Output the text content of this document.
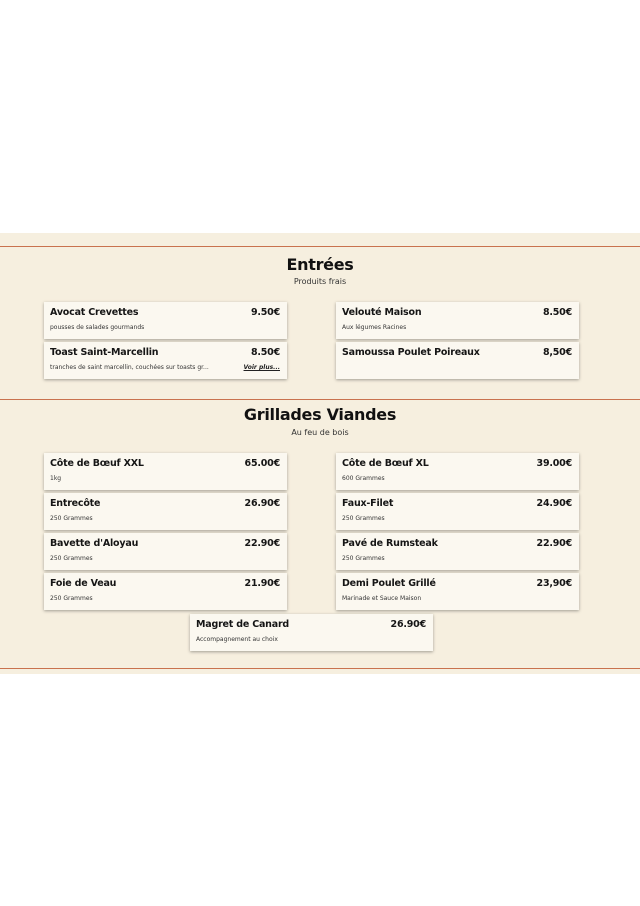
Entrées
Produits frais
Avocat Crevettes	9.50€
pousses de salades gourmands
Velouté Maison	8.50€
Aux légumes Racines
Toast Saint-Marcellin	8.50€
tranches de saint marcellin, couchées sur toasts gr...	Voir plus...
Samoussa Poulet Poireaux	8,50€
Grillades Viandes
Au feu de bois
Côte de Bœuf XXL	65.00€
1kg
Côte de Bœuf XL	39.00€
600 Grammes
Entrecôte	26.90€
250 Grammes
Faux-Filet	24.90€
250 Grammes
Bavette d'Aloyau	22.90€
250 Grammes
Pavé de Rumsteak	22.90€
250 Grammes
Foie de Veau	21.90€
250 Grammes
Demi Poulet Grillé	23,90€
Marinade et Sauce Maison
Magret de Canard	26.90€
Accompagnement au choix
